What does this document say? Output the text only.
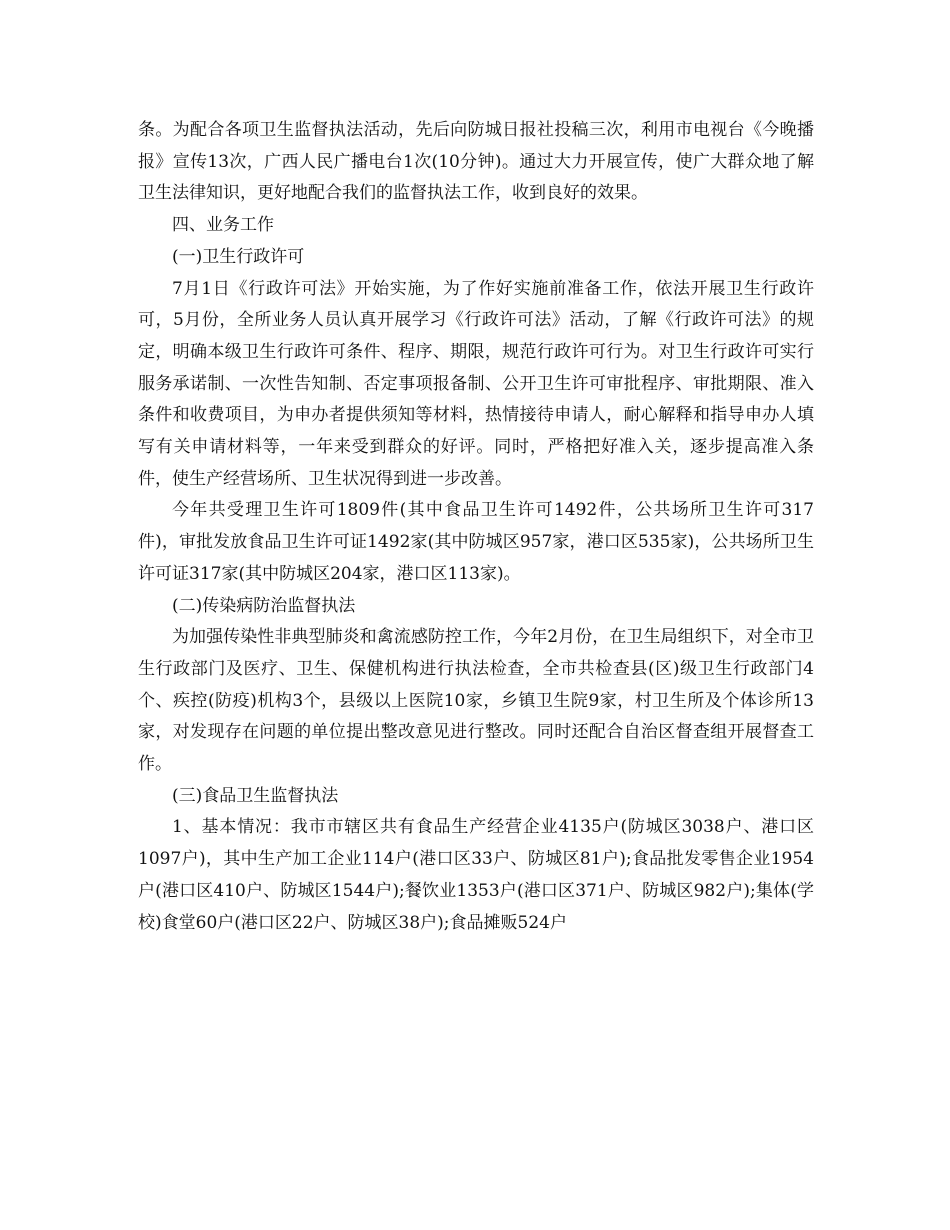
条。为配合各项卫生监督执法活动，先后向防城日报社投稿三次，利用市电视台《今晚播报》宣传13次，广西人民广播电台1次(10分钟)。通过大力开展宣传，使广大群众地了解卫生法律知识，更好地配合我们的监督执法工作，收到良好的效果。

四、业务工作

(一)卫生行政许可

7月1日《行政许可法》开始实施，为了作好实施前准备工作，依法开展卫生行政许可，5月份，全所业务人员认真开展学习《行政许可法》活动，了解《行政许可法》的规定，明确本级卫生行政许可条件、程序、期限，规范行政许可行为。对卫生行政许可实行服务承诺制、一次性告知制、否定事项报备制、公开卫生许可审批程序、审批期限、准入条件和收费项目，为申办者提供须知等材料，热情接待申请人，耐心解释和指导申办人填写有关申请材料等，一年来受到群众的好评。同时，严格把好准入关，逐步提高准入条件，使生产经营场所、卫生状况得到进一步改善。

今年共受理卫生许可1809件(其中食品卫生许可1492件，公共场所卫生许可317件)，审批发放食品卫生许可证1492家(其中防城区957家，港口区535家)，公共场所卫生许可证317家(其中防城区204家，港口区113家)。

(二)传染病防治监督执法

为加强传染性非典型肺炎和禽流感防控工作，今年2月份，在卫生局组织下，对全市卫生行政部门及医疗、卫生、保健机构进行执法检查，全市共检查县(区)级卫生行政部门4个、疾控(防疫)机构3个，县级以上医院10家，乡镇卫生院9家，村卫生所及个体诊所13家，对发现存在问题的单位提出整改意见进行整改。同时还配合自治区督查组开展督查工作。

(三)食品卫生监督执法

1、基本情况：我市市辖区共有食品生产经营企业4135户(防城区3038户、港口区1097户)，其中生产加工企业114户(港口区33户、防城区81户);食品批发零售企业1954户(港口区410户、防城区1544户);餐饮业1353户(港口区371户、防城区982户);集体(学校)食堂60户(港口区22户、防城区38户);食品摊贩524户
